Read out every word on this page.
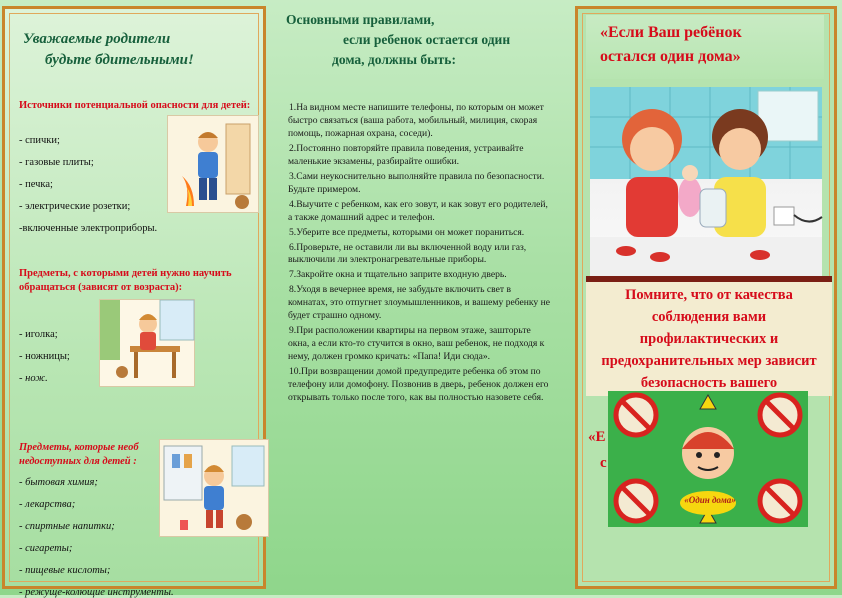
Уважаемые родители
будьте бдительными!
Источники потенциальной опасности для детей:
- спички;
- газовые плиты;
- печка;
- электрические розетки;
-включенные электроприборы.
Предметы, с которыми детей нужно научить обращаться (зависят от возраста):
- иголка;
- ножницы;
- нож.
Предметы, которые необ
недоступных для детей :
- бытовая химия;
- лекарства;
- спиртные напитки;
- сигареты;
- пищевые кислоты;
- режуще-колющие инструменты.
Основными правилами,
если ребенок остается один
дома, должны быть:

1.На видном месте напишите телефоны, по которым он может быстро связаться (ваша работа, мобильный, милиция, скорая помощь, пожарная охрана, соседи).

2.Постоянно повторяйте правила поведения, устраивайте маленькие экзамены, разбирайте ошибки.

3.Сами неукоснительно выполняйте правила по безопасности. Будьте примером.

4.Выучите с ребенком, как его зовут, и как зовут его родителей, а также домашний адрес и телефон.

5.Уберите все предметы, которыми он может пораниться.

6.Проверьте, не оставили ли вы включенной воду или газ, выключили ли электронагревательные приборы.

7.Закройте окна и тщательно заприте входную дверь.

8.Уходя в вечернее время, не забудьте включить свет в комнатах, это отпугнет злоумышленников, и вашему ребенку не будет страшно одному.

9.При расположении квартиры на первом этаже, зашторьте окна, а если кто-то стучится в окно, ваш ребенок, не подходя к нему, должен громко кричать: «Папа! Иди сюда».

10.При возвращении домой предупредите ребенка об этом по телефону или домофону. Позвонив в дверь, ребенок должен его открывать только после того, как вы полностью назовете себя.

«Если Ваш ребёнок
остался один дома»
Помните, что от качества соблюдения вами профилактических и предохранительных мер зависит безопасность вашего
«Е
с
«Один дома»
